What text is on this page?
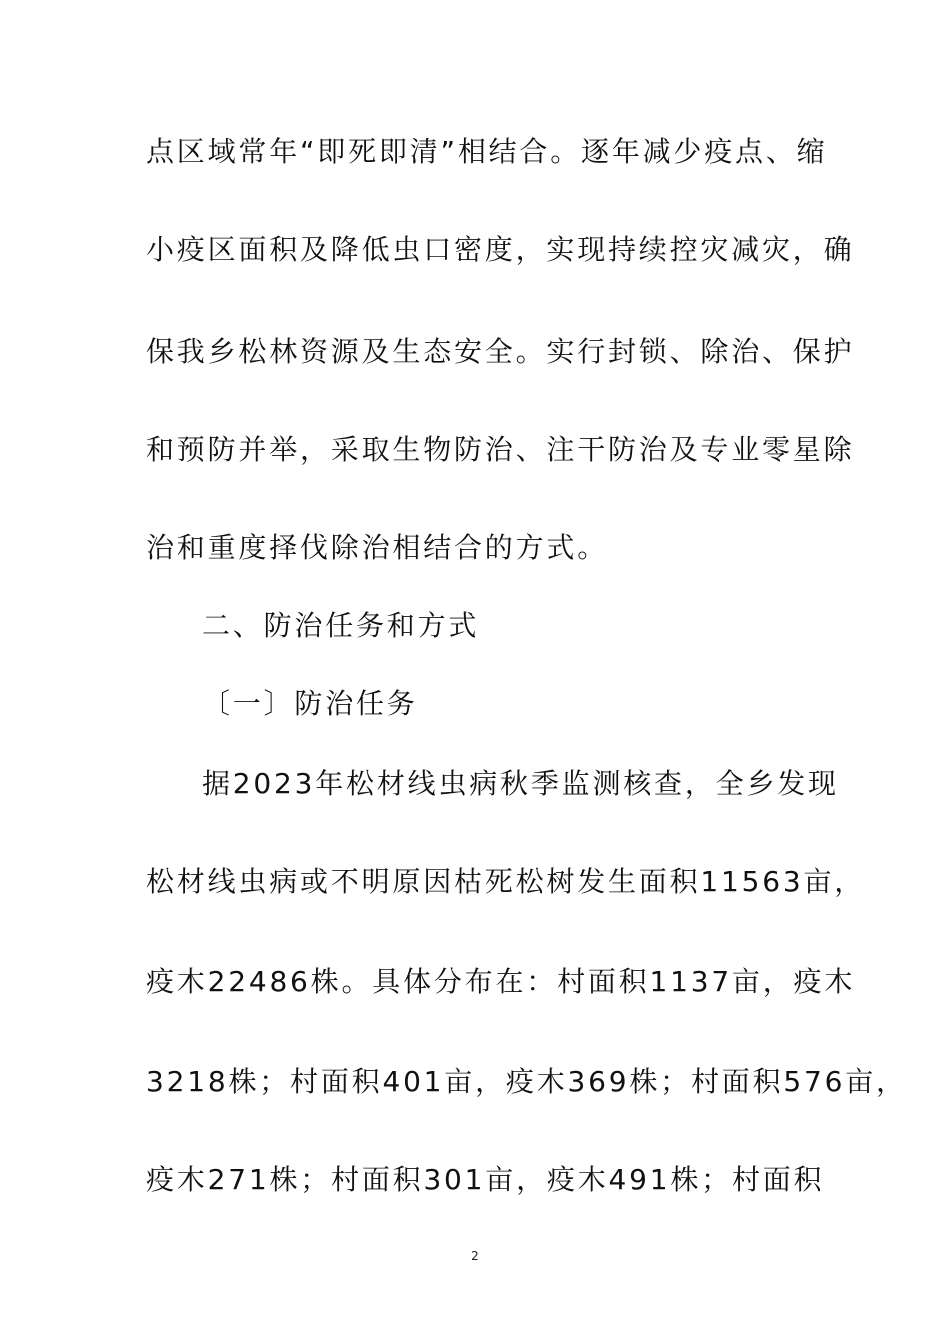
点区域常年“即死即清”相结合。逐年减少疫点、缩
小疫区面积及降低虫口密度，实现持续控灾减灾，确
保我乡松林资源及生态安全。实行封锁、除治、保护
和预防并举，采取生物防治、注干防治及专业零星除
治和重度择伐除治相结合的方式。
二、防治任务和方式
〔一〕防治任务
据2023年松材线虫病秋季监测核查，全乡发现
松材线虫病或不明原因枯死松树发生面积11563亩，
疫木22486株。具体分布在：村面积1137亩，疫木
3218株；村面积401亩，疫木369株；村面积576亩，
疫木271株；村面积301亩，疫木491株；村面积
2
